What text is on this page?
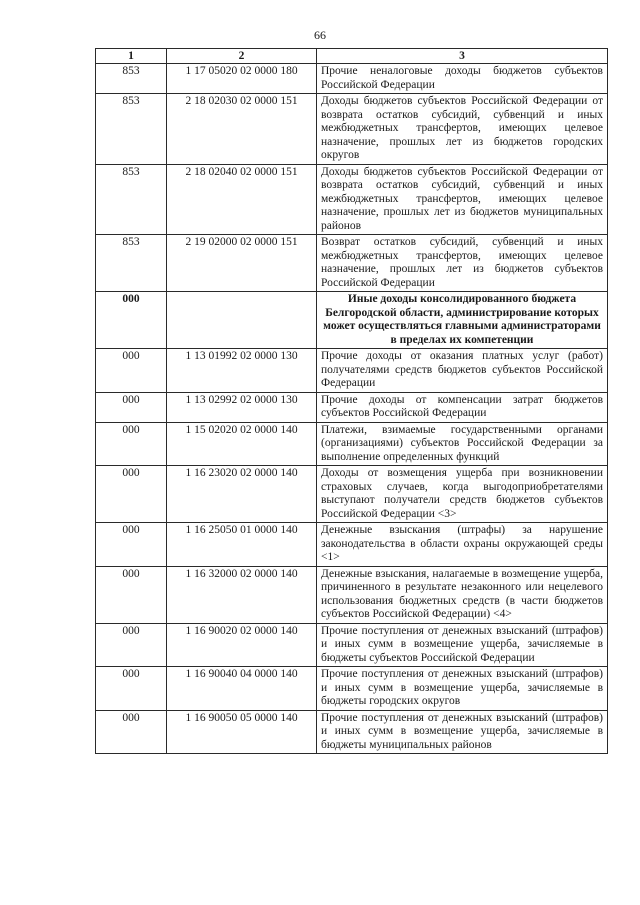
66
1	2	3
853	1 17 05020 02 0000 180	Прочие неналоговые доходы бюджетов субъектов Российской Федерации
853	2 18 02030 02 0000 151	Доходы бюджетов субъектов Российской Федерации от возврата остатков субсидий, субвенций и иных межбюджетных трансфертов, имеющих целевое назначение, прошлых лет из бюджетов городских округов
853	2 18 02040 02 0000 151	Доходы бюджетов субъектов Российской Федерации от возврата остатков субсидий, субвенций и иных межбюджетных трансфертов, имеющих целевое назначение, прошлых лет из бюджетов муниципальных районов
853	2 19 02000 02 0000 151	Возврат остатков субсидий, субвенций и иных межбюджетных трансфертов, имеющих целевое назначение, прошлых лет из бюджетов субъектов Российской Федерации
000		Иные доходы консолидированного бюджета Белгородской области, администрирование которых может осуществляться главными администраторами в пределах их компетенции
000	1 13 01992 02 0000 130	Прочие доходы от оказания платных услуг (работ) получателями средств бюджетов субъектов Российской Федерации
000	1 13 02992 02 0000 130	Прочие доходы от компенсации затрат бюджетов субъектов Российской Федерации
000	1 15 02020 02 0000 140	Платежи, взимаемые государственными органами (организациями) субъектов Российской Федерации за выполнение определенных функций
000	1 16 23020 02 0000 140	Доходы от возмещения ущерба при возникновении страховых случаев, когда выгодоприобретателями выступают получатели средств бюджетов субъектов Российской Федерации <3>
000	1 16 25050 01 0000 140	Денежные взыскания (штрафы) за нарушение законодательства в области охраны окружающей среды <1>
000	1 16 32000 02 0000 140	Денежные взыскания, налагаемые в возмещение ущерба, причиненного в результате незаконного или нецелевого использования бюджетных средств (в части бюджетов субъектов Российской Федерации) <4>
000	1 16 90020 02 0000 140	Прочие поступления от денежных взысканий (штрафов) и иных сумм в возмещение ущерба, зачисляемые в бюджеты субъектов Российской Федерации
000	1 16 90040 04 0000 140	Прочие поступления от денежных взысканий (штрафов) и иных сумм в возмещение ущерба, зачисляемые в бюджеты городских округов
000	1 16 90050 05 0000 140	Прочие поступления от денежных взысканий (штрафов) и иных сумм в возмещение ущерба, зачисляемые в бюджеты муниципальных районов
